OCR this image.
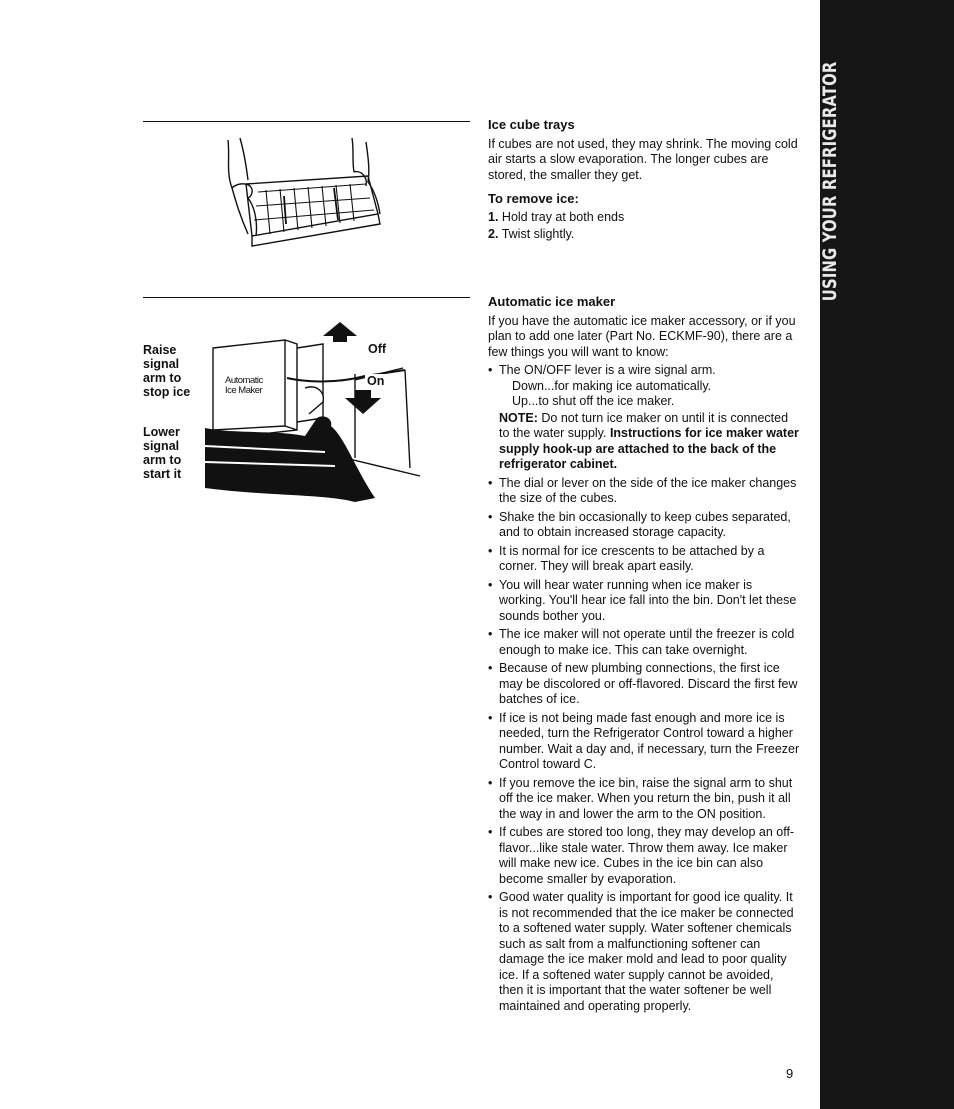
USING YOUR REFRIGERATOR
Raise signal arm to stop ice
Lower signal arm to start it
Automatic
Ice Maker
Off
On
Ice cube trays
If cubes are not used, they may shrink. The moving cold air starts a slow evaporation. The longer cubes are stored, the smaller they get.
To remove ice:
1. Hold tray at both ends
2. Twist slightly.
Automatic ice maker
If you have the automatic ice maker accessory, or if you plan to add one later (Part No. ECKMF-90), there are a few things you will want to know:
• The ON/OFF lever is a wire signal arm.
Down...for making ice automatically.
Up...to shut off the ice maker.
NOTE: Do not turn ice maker on until it is connected to the water supply. Instructions for ice maker water supply hook-up are attached to the back of the refrigerator cabinet.
• The dial or lever on the side of the ice maker changes the size of the cubes.
• Shake the bin occasionally to keep cubes separated, and to obtain increased storage capacity.
• It is normal for ice crescents to be attached by a corner. They will break apart easily.
• You will hear water running when ice maker is working. You'll hear ice fall into the bin. Don't let these sounds bother you.
• The ice maker will not operate until the freezer is cold enough to make ice. This can take overnight.
• Because of new plumbing connections, the first ice may be discolored or off-flavored. Discard the first few batches of ice.
• If ice is not being made fast enough and more ice is needed, turn the Refrigerator Control toward a higher number. Wait a day and, if necessary, turn the Freezer Control toward C.
• If you remove the ice bin, raise the signal arm to shut off the ice maker. When you return the bin, push it all the way in and lower the arm to the ON position.
• If cubes are stored too long, they may develop an off-flavor...like stale water. Throw them away. Ice maker will make new ice. Cubes in the ice bin can also become smaller by evaporation.
• Good water quality is important for good ice quality. It is not recommended that the ice maker be connected to a softened water supply. Water softener chemicals such as salt from a malfunctioning softener can damage the ice maker mold and lead to poor quality ice. If a softened water supply cannot be avoided, then it is important that the water softener be well maintained and operating properly.
9
